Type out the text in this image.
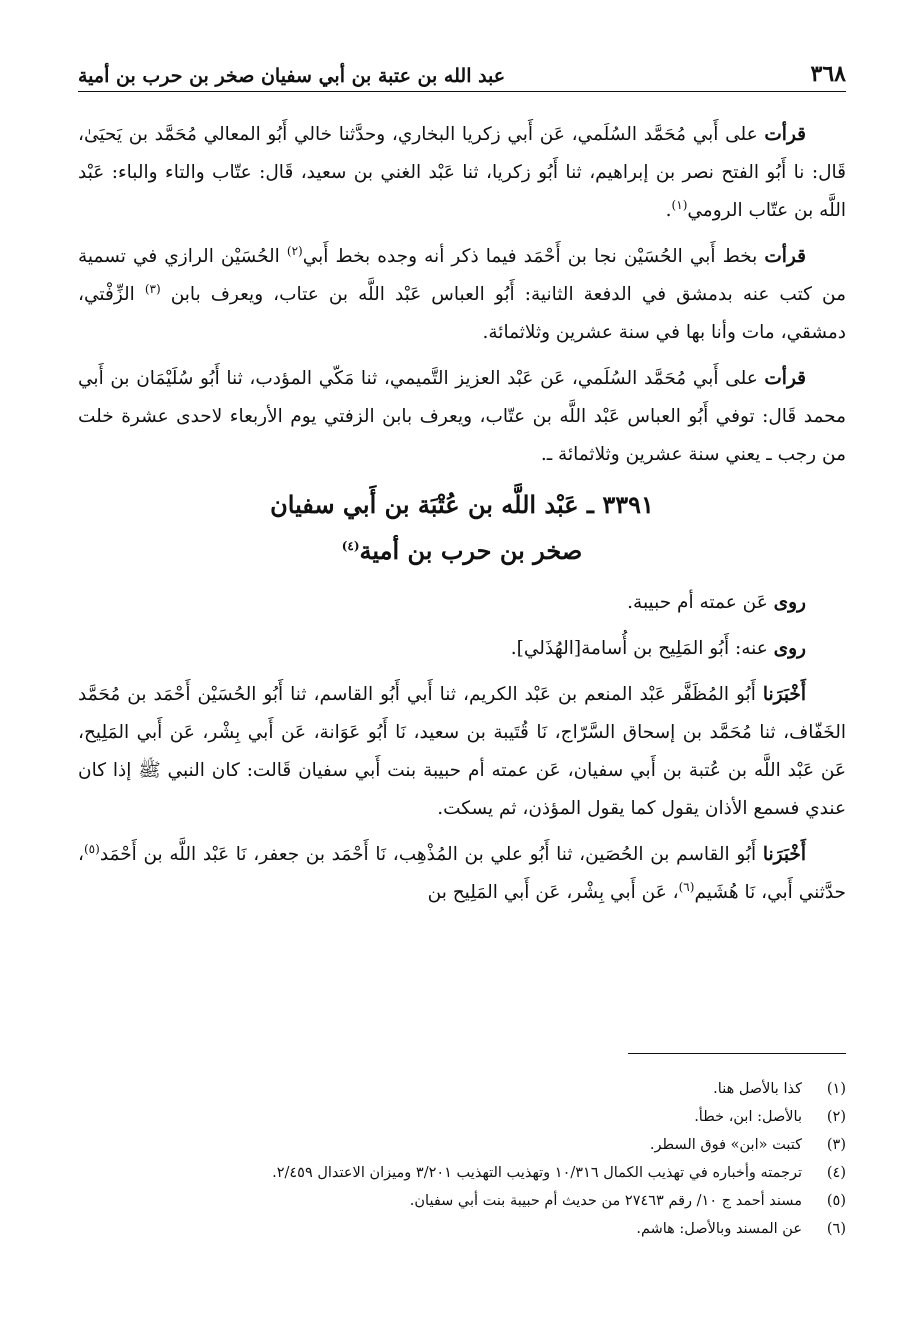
٣٦٨
عبد الله بن عتبة بن أبي سفيان صخر بن حرب بن أمية

قرأت على أَبي مُحَمَّد السُلَمي، عَن أَبي زكريا البخاري، وحدَّثنا خالي أَبُو المعالي مُحَمَّد بن يَحيَىٰ، قَال: نا أَبُو الفتح نصر بن إبراهيم، ثنا أَبُو زكريا، ثنا عَبْد الغني بن سعيد، قَال: عتّاب والتاء والباء: عَبْد اللَّه بن عتّاب الرومي$^{(١)}$.

قرأت بخط أَبي الحُسَيْن نجا بن أَحْمَد فيما ذكر أنه وجده بخط أَبي$^{(٢)}$ الحُسَيْن الرازي في تسمية من كتب عنه بدمشق في الدفعة الثانية: أَبُو العباس عَبْد اللَّه بن عتاب، ويعرف بابن $^{(٣)}$ الزِّفْتي، دمشقي، مات وأنا بها في سنة عشرين وثلاثمائة.

قرأت على أَبي مُحَمَّد السُلَمي، عَن عَبْد العزيز التَّميمي، ثنا مَكّي المؤدب، ثنا أَبُو سُلَيْمَان بن أَبي محمد قَال: توفي أَبُو العباس عَبْد اللَّه بن عتّاب، ويعرف بابن الزفتي يوم الأربعاء لاحدى عشرة خلت من رجب ـ يعني سنة عشرين وثلاثمائة ـ.

٣٣٩١ ـ عَبْد اللَّه بن عُتْبَة بن أَبي سفيان
صخر بن حرب بن أمية$^{(٤)}$

روى عَن عمته أم حبيبة.

روى عنه: أَبُو المَلِيح بن أُسامة[الهُذَلي].

أَخْبَرَنا أَبُو المُظَفَّر عَبْد المنعم بن عَبْد الكريم، ثنا أَبي أَبُو القاسم، ثنا أَبُو الحُسَيْن أَحْمَد بن مُحَمَّد الخَفّاف، ثنا مُحَمَّد بن إسحاق السَّرّاج، نَا قُتَيبة بن سعيد، نَا أَبُو عَوَانة، عَن أَبي بِشْر، عَن أَبي المَلِيح، عَن عَبْد اللَّه بن عُتبة بن أَبي سفيان، عَن عمته أم حبيبة بنت أَبي سفيان قَالت: كان النبي ﷺ إذا كان عندي فسمع الأذان يقول كما يقول المؤذن، ثم يسكت.

أَخْبَرَنا أَبُو القاسم بن الحُصَين، ثنا أَبُو علي بن المُذْهِب، نَا أَحْمَد بن جعفر، نَا عَبْد اللَّه بن أَحْمَد$^{(٥)}$، حدَّثني أَبي، نَا هُشَيم$^{(٦)}$، عَن أَبي بِشْر، عَن أَبي المَلِيح بن

(١)
كذا بالأصل هنا.
(٢)
بالأصل: ابن، خطأ.
(٣)
كتبت «ابن» فوق السطر.
(٤)
ترجمته وأخباره في تهذيب الكمال ١٠/٣١٦ وتهذيب التهذيب ٣/٢٠١ وميزان الاعتدال ٢/٤٥٩.
(٥)
مسند أحمد ج ١٠/ رقم ٢٧٤٦٣ من حديث أم حبيبة بنت أبي سفيان.
(٦)
عن المسند وبالأصل: هاشم.
